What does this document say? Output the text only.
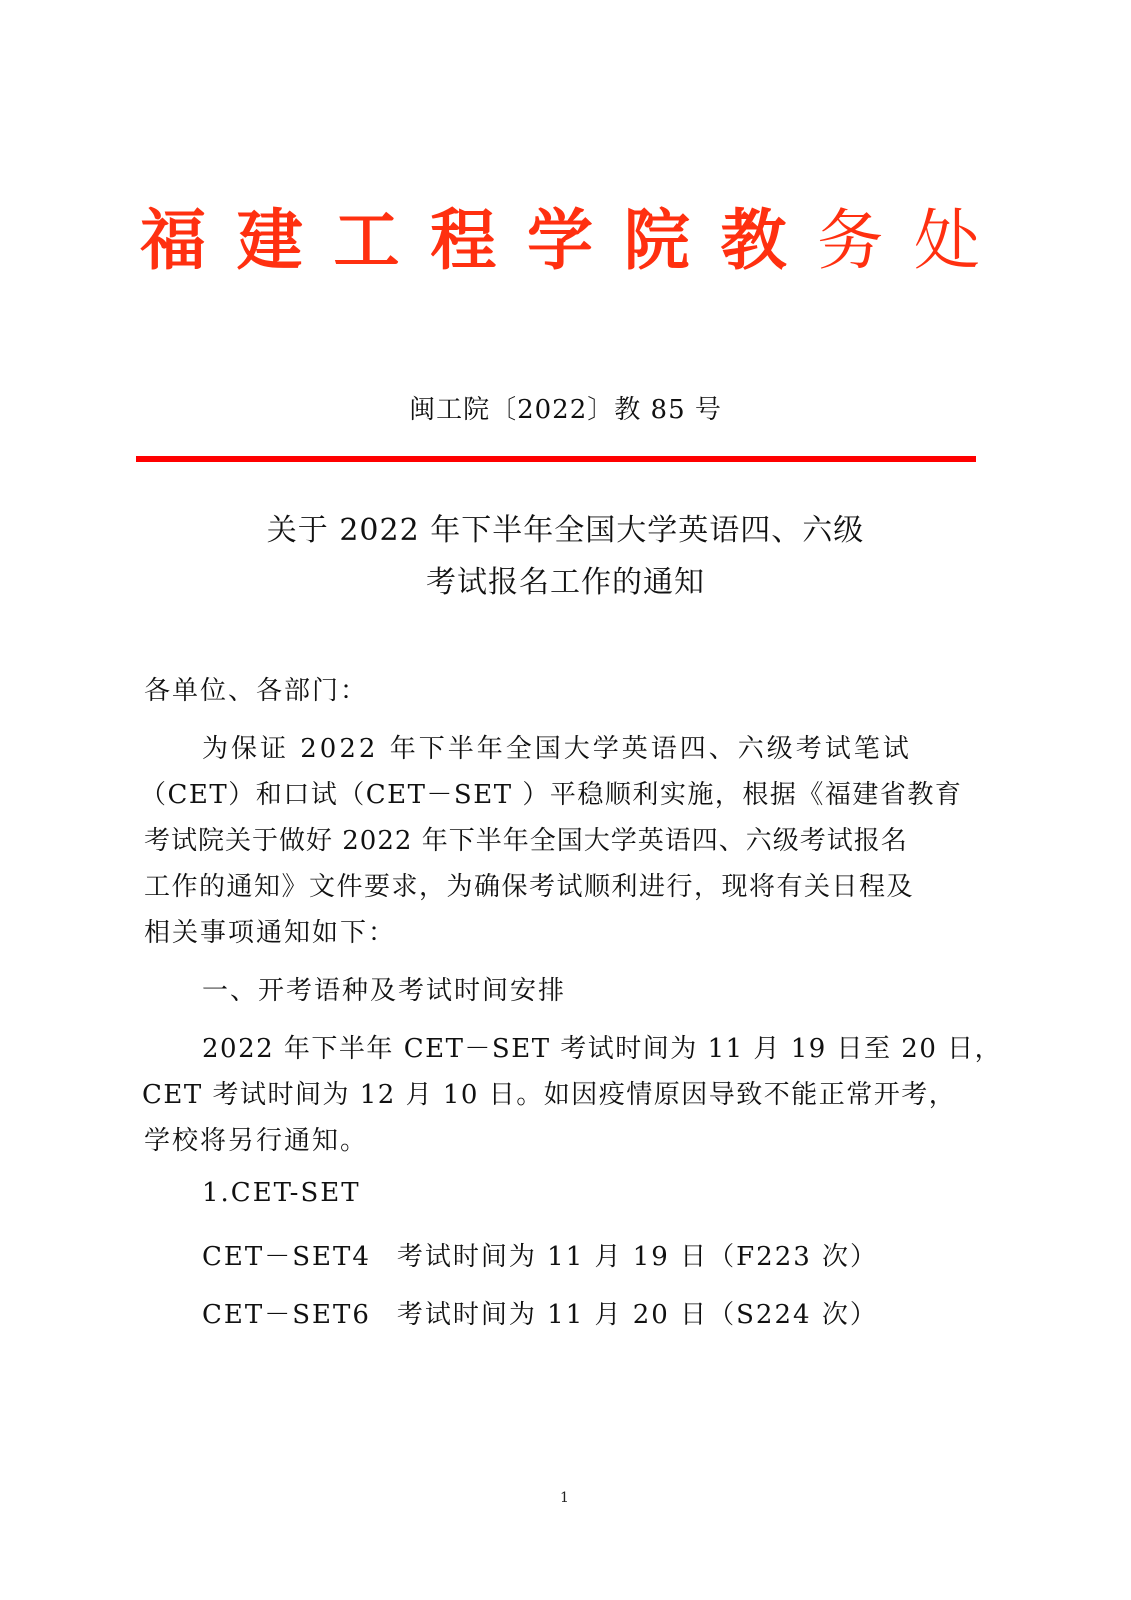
福 建 工 程 学 院 教 务 处
闽工院〔2022〕教 85 号
关于 2022 年下半年全国大学英语四、六级
考试报名工作的通知
各单位、各部门：
为保证 2022 年下半年全国大学英语四、六级考试笔试
（CET）和口试（CET－SET ）平稳顺利实施，根据《福建省教育
考试院关于做好 2022 年下半年全国大学英语四、六级考试报名
工作的通知》文件要求，为确保考试顺利进行，现将有关日程及
相关事项通知如下：
一、开考语种及考试时间安排
2022 年下半年 CET－SET 考试时间为 11 月 19 日至 20 日，
CET 考试时间为 12 月 10 日。如因疫情原因导致不能正常开考，
学校将另行通知。
1.CET-SET
CET－SET4 考试时间为 11 月 19 日（F223 次）
CET－SET6 考试时间为 11 月 20 日（S224 次）
1
